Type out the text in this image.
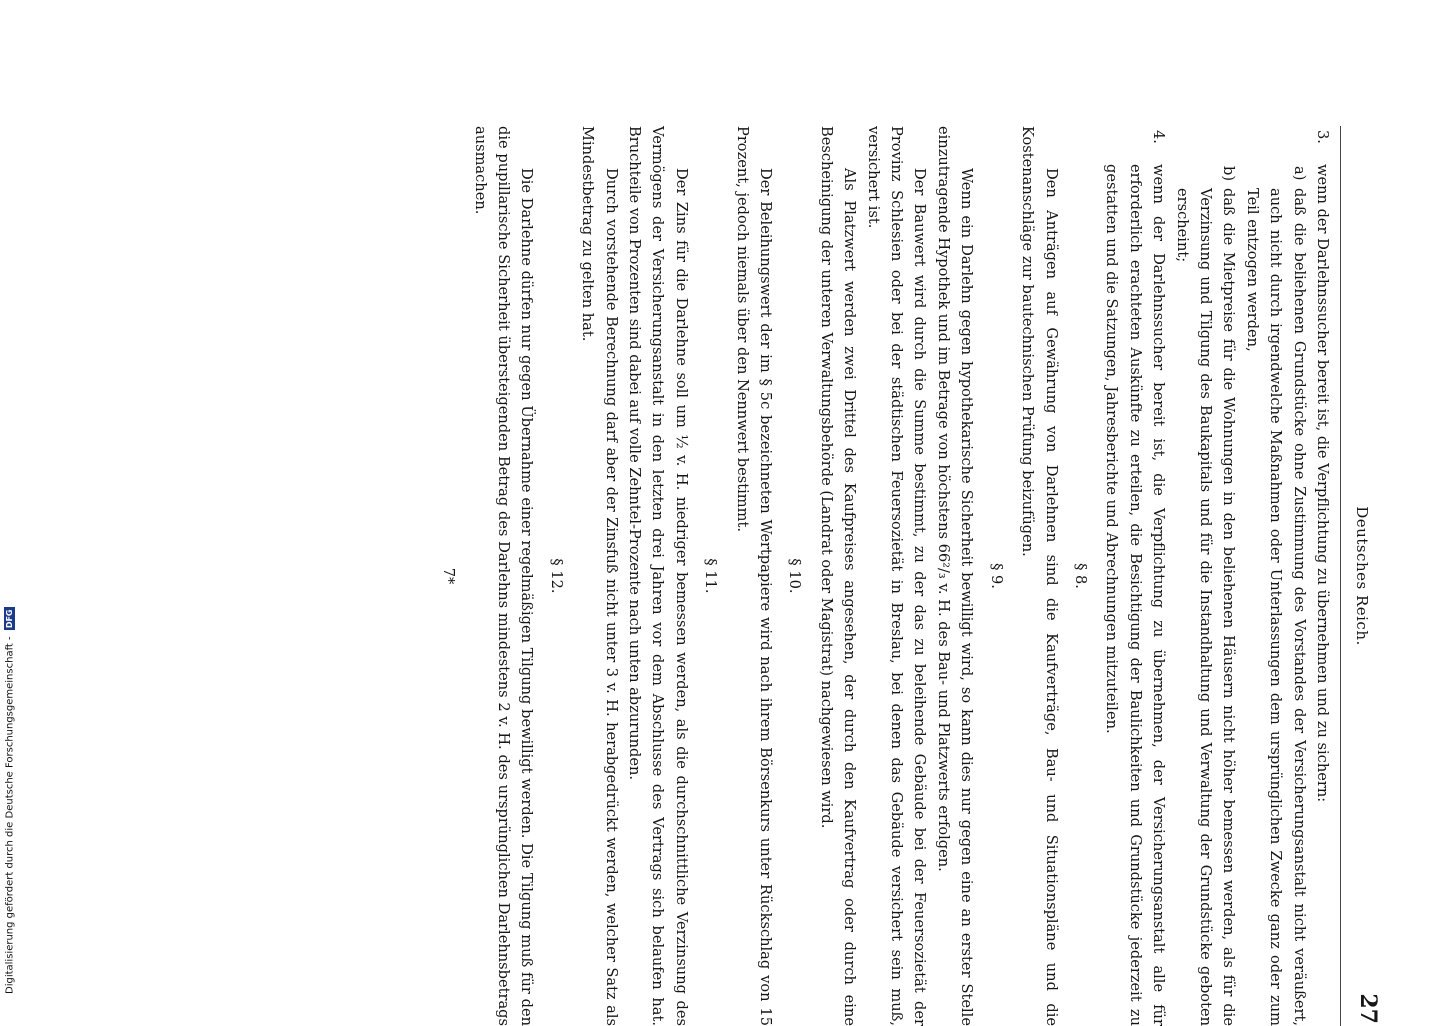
Deutsches Reich.
27
3.

wenn der Darlehnssucher bereit ist, die Verpflichtung zu übernehmen und zu sichern:

a)

daß die beliehenen Grundstücke ohne Zustimmung des Vorstandes der Versicherungsanstalt nicht veräußert, auch nicht durch irgendwelche Maßnahmen oder Unterlassungen dem ursprünglichen Zwecke ganz oder zum Teil entzogen werden,

b)

daß die Mietpreise für die Wohnungen in den beliehenen Häusern nicht höher bemessen werden, als für die Verzinsung und Tilgung des Baukapitals und für die Instandhaltung und Verwaltung der Grundstücke geboten erscheint;

4.

wenn der Darlehnssucher bereit ist, die Verpflichtung zu übernehmen, der Versicherungsanstalt alle für erforderlich erachteten Auskünfte zu erteilen, die Besichtigung der Baulichkeiten und Grundstücke jederzeit zu gestatten und die Satzungen, Jahresberichte und Abrechnungen mitzuteilen.

§ 8.

Den Anträgen auf Gewährung von Darlehnen sind die Kaufverträge, Bau- und Situationspläne und die Kostenanschläge zur bautechnischen Prüfung beizufügen.

§ 9.

Wenn ein Darlehn gegen hypothekarische Sicherheit bewilligt wird, so kann dies nur gegen eine an erster Stelle einzutragende Hypothek und im Betrage von höchstens 66²/₃ v. H. des Bau- und Platzwerts erfolgen.

Der Bauwert wird durch die Summe bestimmt, zu der das zu beleihende Gebäude bei der Feuersozietät der Provinz Schlesien oder bei der städtischen Feuersozietät in Breslau, bei denen das Gebäude versichert sein muß, versichert ist.

Als Platzwert werden zwei Drittel des Kaufpreises angesehen, der durch den Kaufvertrag oder durch eine Bescheinigung der unteren Verwaltungsbehörde (Landrat oder Magistrat) nachgewiesen wird.

§ 10.

Der Beleihungswert der im § 5c bezeichneten Wertpapiere wird nach ihrem Börsenkurs unter Rückschlag von 15 Prozent, jedoch niemals über den Nennwert bestimmt.

§ 11.

Der Zins für die Darlehne soll um ½ v. H. niedriger bemessen werden, als die durchschnittliche Verzinsung des Vermögens der Versicherungsanstalt in den letzten drei Jahren vor dem Abschlusse des Vertrags sich belaufen hat. Bruchteile von Prozenten sind dabei auf volle Zehntel-Prozente nach unten abzurunden.

Durch vorstehende Berechnung darf aber der Zinsfuß nicht unter 3 v. H. herabgedrückt werden, welcher Satz als Mindestbetrag zu gelten hat.

§ 12.

Die Darlehne dürfen nur gegen Übernahme einer regelmäßigen Tilgung bewilligt werden. Die Tilgung muß für den die pupillarische Sicherheit übersteigenden Betrag des Darlehns mindestens 2 v. H. des ursprünglichen Darlehnsbetrags ausmachen.

7*
Digitalisierung gefördert durch die Deutsche Forschungsgemeinschaft - DFG
